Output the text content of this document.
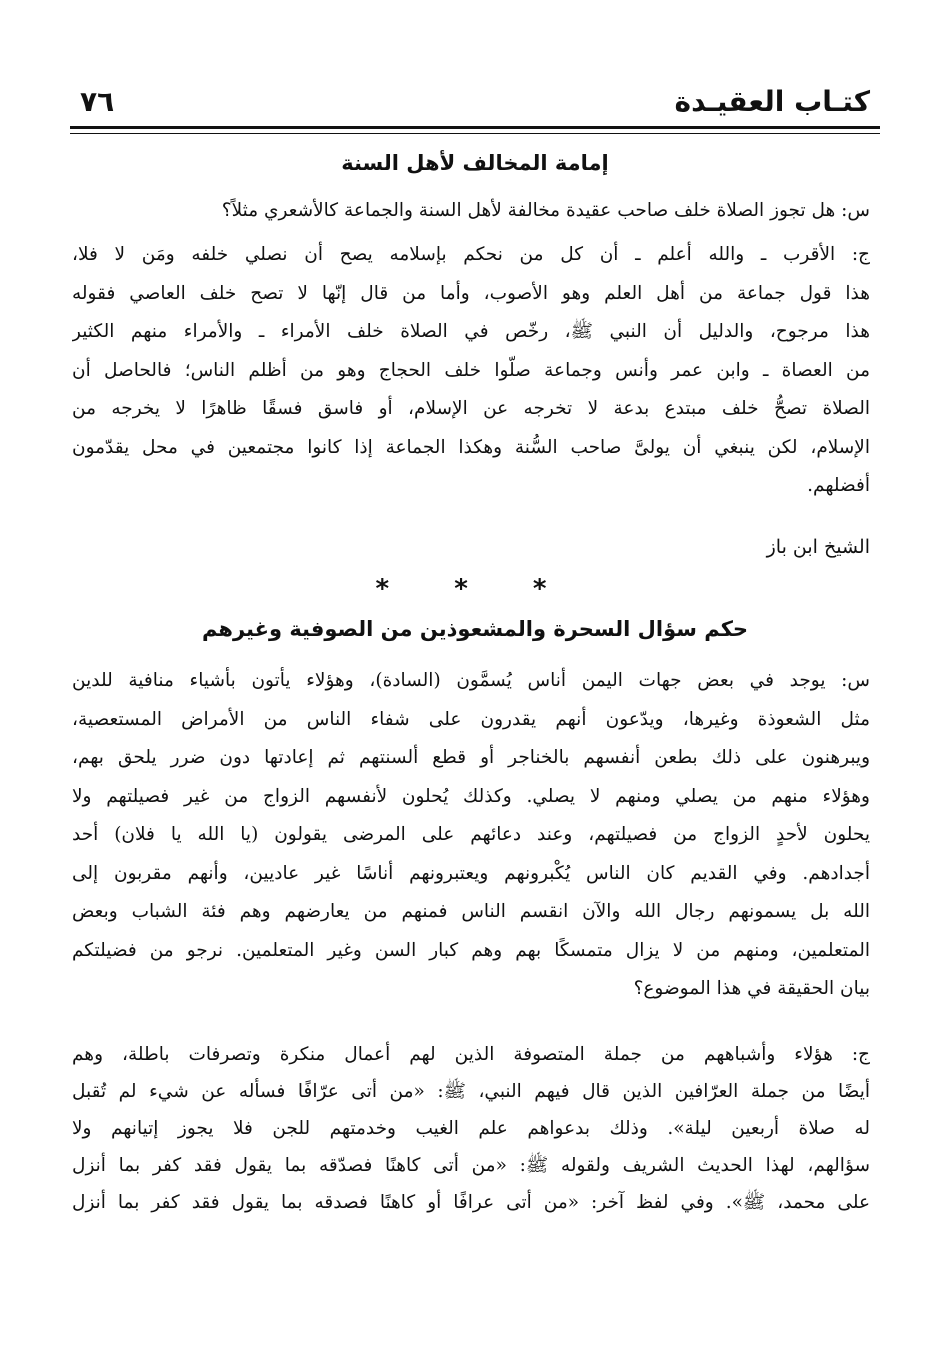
كتـاب العقيـدة
٧٦
إمامة المخالف لأهل السنة
س: هل تجوز الصلاة خلف صاحب عقيدة مخالفة لأهل السنة والجماعة كالأشعري مثلاً؟
ج: الأقرب ـ والله أعلم ـ أن كل من نحكم بإسلامه يصح أن نصلي خلفه ومَن لا فلا،
هذا قول جماعة من أهل العلم وهو الأصوب، وأما من قال إنّها لا تصح خلف العاصي فقوله
هذا مرجوح، والدليل أن النبي ﷺ، رخّص في الصلاة خلف الأمراء ـ والأمراء منهم الكثير
من العصاة ـ وابن عمر وأنس وجماعة صلّوا خلف الحجاج وهو من أظلم الناس؛ فالحاصل أن
الصلاة تصحُّ خلف مبتدع بدعة لا تخرجه عن الإسلام، أو فاسق فسقًا ظاهرًا لا يخرجه من
الإسلام، لكن ينبغي أن يولىَّ صاحب السُّنة وهكذا الجماعة إذا كانوا مجتمعين في محل يقدّمون
أفضلهم.
الشيخ ابن باز
* * *
حكم سؤال السحرة والمشعوذين من الصوفية وغيرهم
س: يوجد في بعض جهات اليمن أناس يُسمَّون (السادة)، وهؤلاء يأتون بأشياء منافية للدين
مثل الشعوذة وغيرها، ويدّعون أنهم يقدرون على شفاء الناس من الأمراض المستعصية،
ويبرهنون على ذلك بطعن أنفسهم بالخناجر أو قطع ألسنتهم ثم إعادتها دون ضرر يلحق بهم،
وهؤلاء منهم من يصلي ومنهم لا يصلي. وكذلك يُحلون لأنفسهم الزواج من غير فصيلتهم ولا
يحلون لأحدٍ الزواج من فصيلتهم، وعند دعائهم على المرضى يقولون (يا الله يا فلان) أحد
أجدادهم. وفي القديم كان الناس يُكْبرونهم ويعتبرونهم أناسًا غير عاديين، وأنهم مقربون إلى
الله بل يسمونهم رجال الله والآن انقسم الناس فمنهم من يعارضهم وهم فئة الشباب وبعض
المتعلمين، ومنهم من لا يزال متمسكًا بهم وهم كبار السن وغير المتعلمين. نرجو من فضيلتكم
بيان الحقيقة في هذا الموضوع؟
ج: هؤلاء وأشباههم من جملة المتصوفة الذين لهم أعمال منكرة وتصرفات باطلة، وهم
أيضًا من جملة العرّافين الذين قال فيهم النبي، ﷺ: «من أتى عرّافًا فسأله عن شيء لم تُقبل
له صلاة أربعين ليلة». وذلك بدعواهم علم الغيب وخدمتهم للجن فلا يجوز إتيانهم ولا
سؤالهم، لهذا الحديث الشريف ولقوله ﷺ: «من أتى كاهنًا فصدّقه بما يقول فقد كفر بما أنزل
على محمد، ﷺ». وفي لفظ آخر: «من أتى عرافًا أو كاهنًا فصدقه بما يقول فقد كفر بما أنزل
